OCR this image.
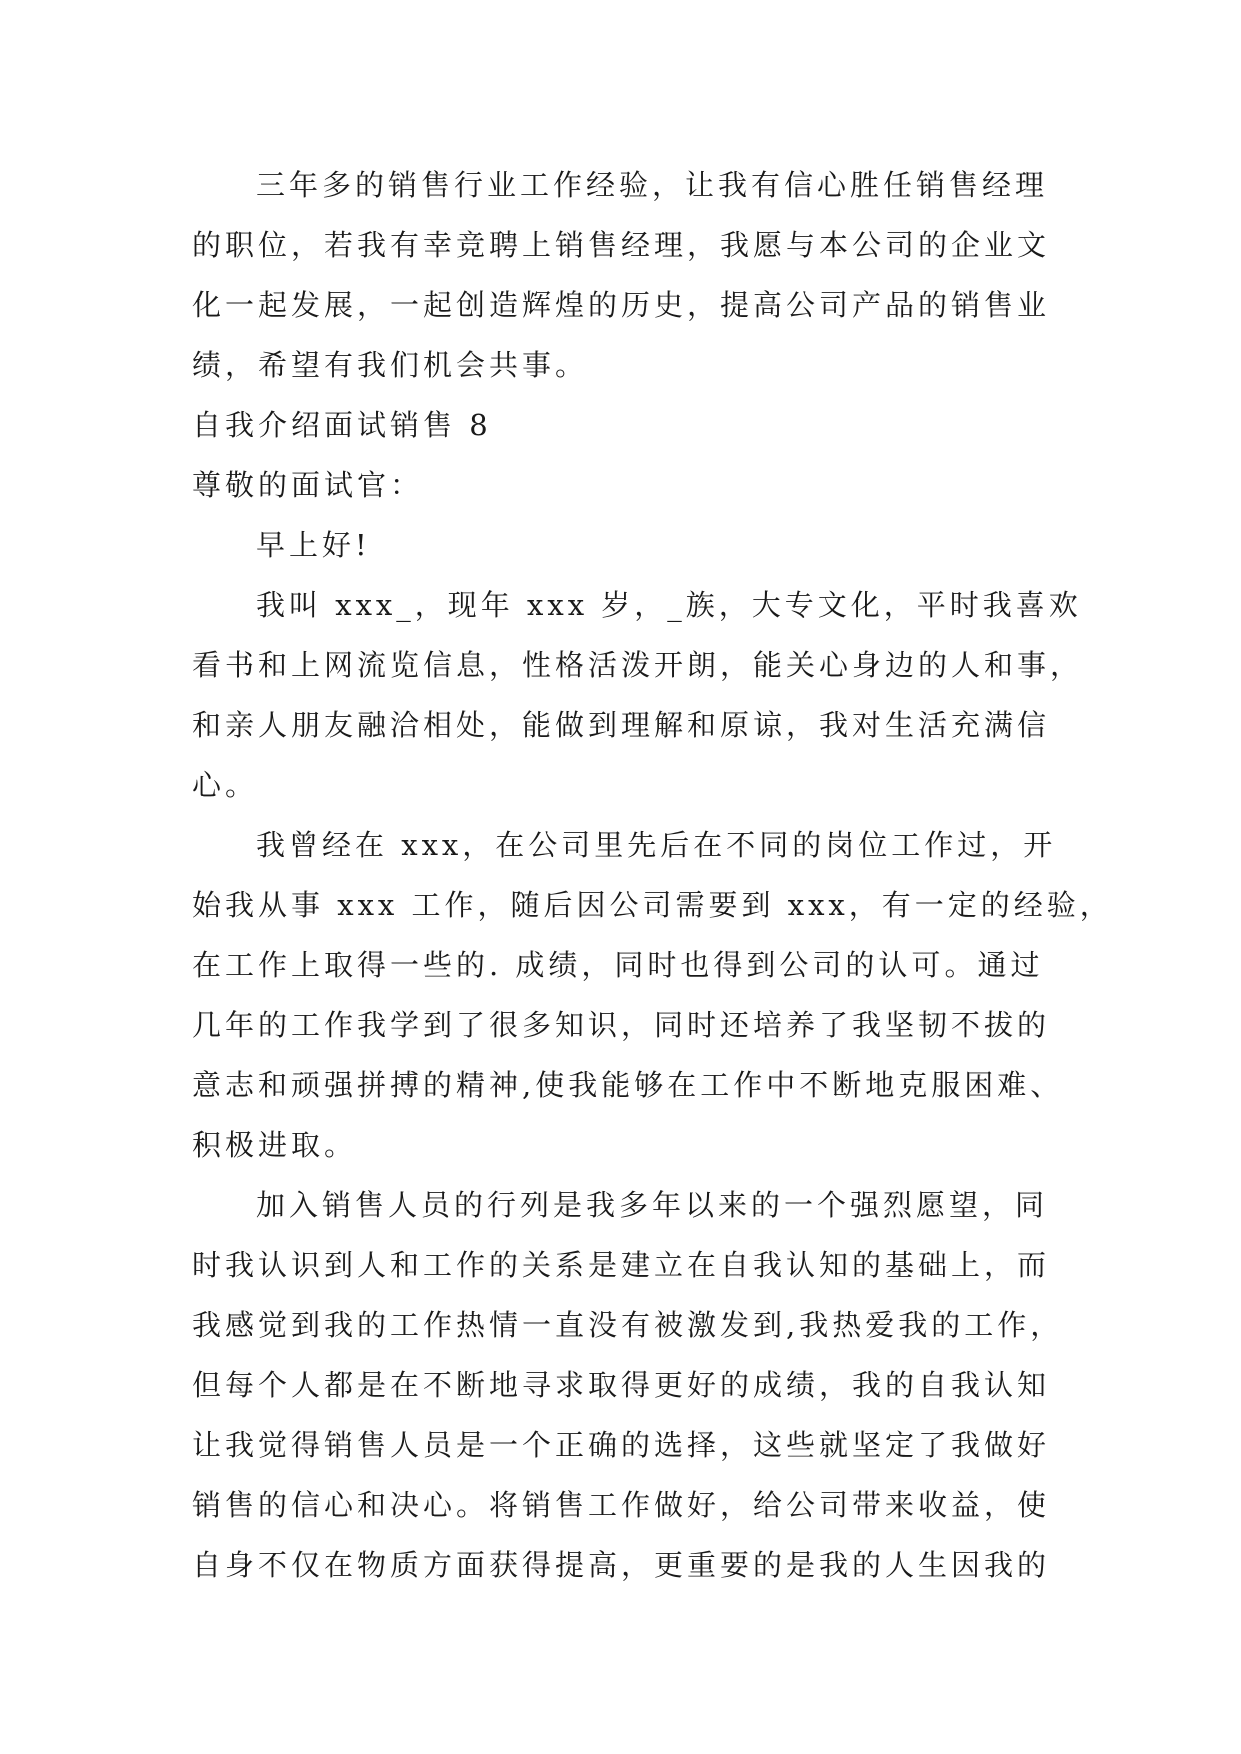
三年多的销售行业工作经验，让我有信心胜任销售经理
的职位，若我有幸竞聘上销售经理，我愿与本公司的企业文
化一起发展，一起创造辉煌的历史，提高公司产品的销售业
绩，希望有我们机会共事。
自我介绍面试销售 8
尊敬的面试官：
早上好!
我叫 xxx_，现年 xxx 岁，_族，大专文化，平时我喜欢
看书和上网流览信息，性格活泼开朗，能关心身边的人和事，
和亲人朋友融洽相处，能做到理解和原谅，我对生活充满信
心。
我曾经在 xxx，在公司里先后在不同的岗位工作过，开
始我从事 xxx 工作，随后因公司需要到 xxx，有一定的经验，
在工作上取得一些的. 成绩，同时也得到公司的认可。通过
几年的工作我学到了很多知识，同时还培养了我坚韧不拔的
意志和顽强拼搏的精神,使我能够在工作中不断地克服困难、
积极进取。
加入销售人员的行列是我多年以来的一个强烈愿望，同
时我认识到人和工作的关系是建立在自我认知的基础上，而
我感觉到我的工作热情一直没有被激发到,我热爱我的工作，
但每个人都是在不断地寻求取得更好的成绩，我的自我认知
让我觉得销售人员是一个正确的选择，这些就坚定了我做好
销售的信心和决心。将销售工作做好，给公司带来收益，使
自身不仅在物质方面获得提高，更重要的是我的人生因我的
